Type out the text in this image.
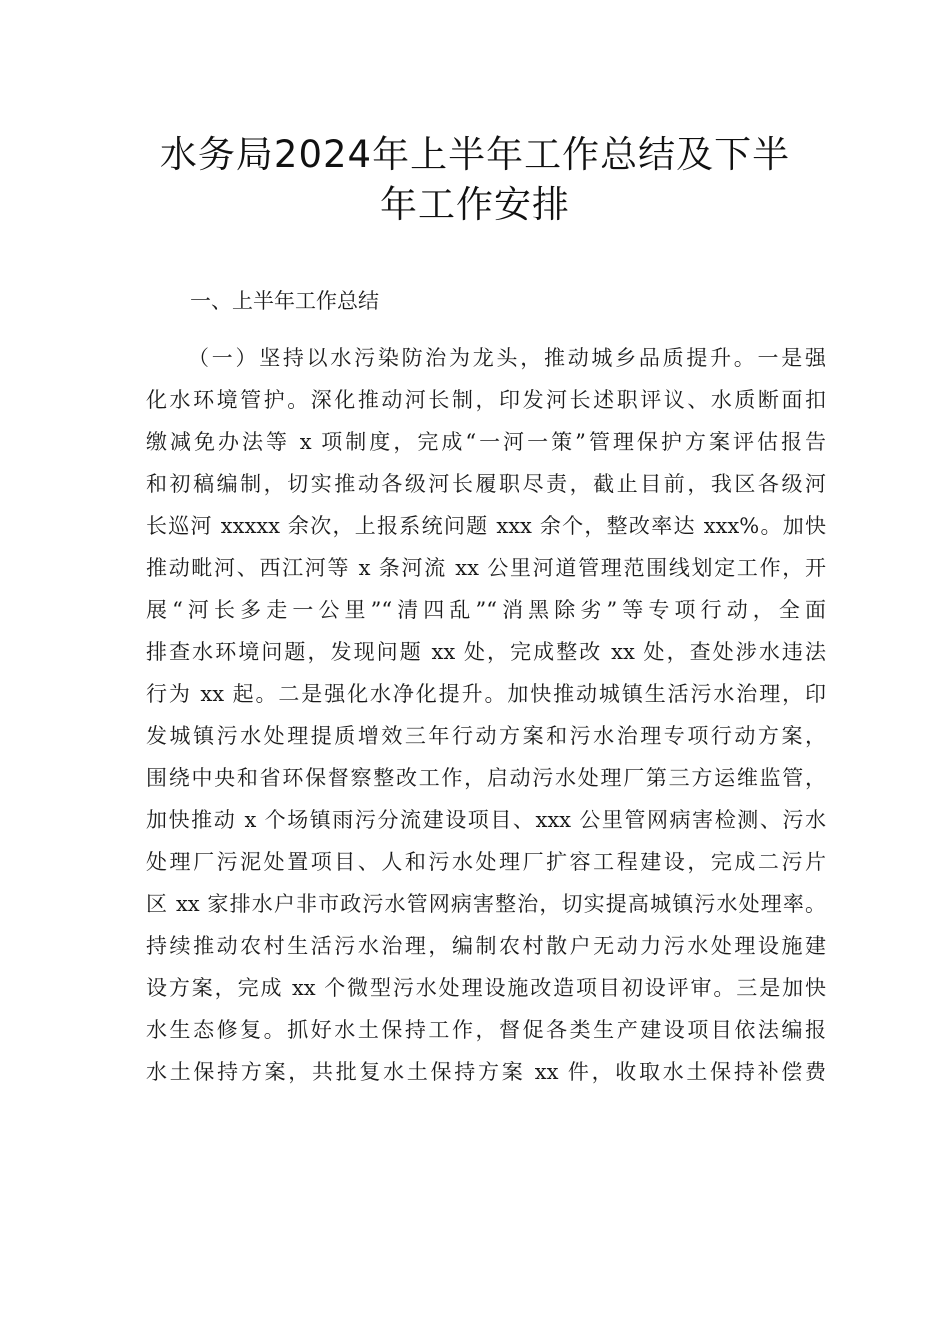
水务局2024年上半年工作总结及下半
年工作安排
一、上半年工作总结
（一）坚持以水污染防治为龙头，推动城乡品质提升。一是强
化水环境管护。深化推动河长制，印发河长述职评议、水质断面扣
缴减免办法等 x 项制度，完成“一河一策”管理保护方案评估报告
和初稿编制，切实推动各级河长履职尽责，截止目前，我区各级河
长巡河 xxxxx 余次，上报系统问题 xxx 余个，整改率达 xxx%。加快
推动毗河、西江河等 x 条河流 xx 公里河道管理范围线划定工作，开
展“河长多走一公里”“清四乱”“消黑除劣”等专项行动，全面
排查水环境问题，发现问题 xx 处，完成整改 xx 处，查处涉水违法
行为 xx 起。二是强化水净化提升。加快推动城镇生活污水治理，印
发城镇污水处理提质增效三年行动方案和污水治理专项行动方案，
围绕中央和省环保督察整改工作，启动污水处理厂第三方运维监管，
加快推动 x 个场镇雨污分流建设项目、xxx 公里管网病害检测、污水
处理厂污泥处置项目、人和污水处理厂扩容工程建设，完成二污片
区 xx 家排水户非市政污水管网病害整治，切实提高城镇污水处理率。
持续推动农村生活污水治理，编制农村散户无动力污水处理设施建
设方案，完成 xx 个微型污水处理设施改造项目初设评审。三是加快
水生态修复。抓好水土保持工作，督促各类生产建设项目依法编报
水土保持方案，共批复水土保持方案 xx 件，收取水土保持补偿费
